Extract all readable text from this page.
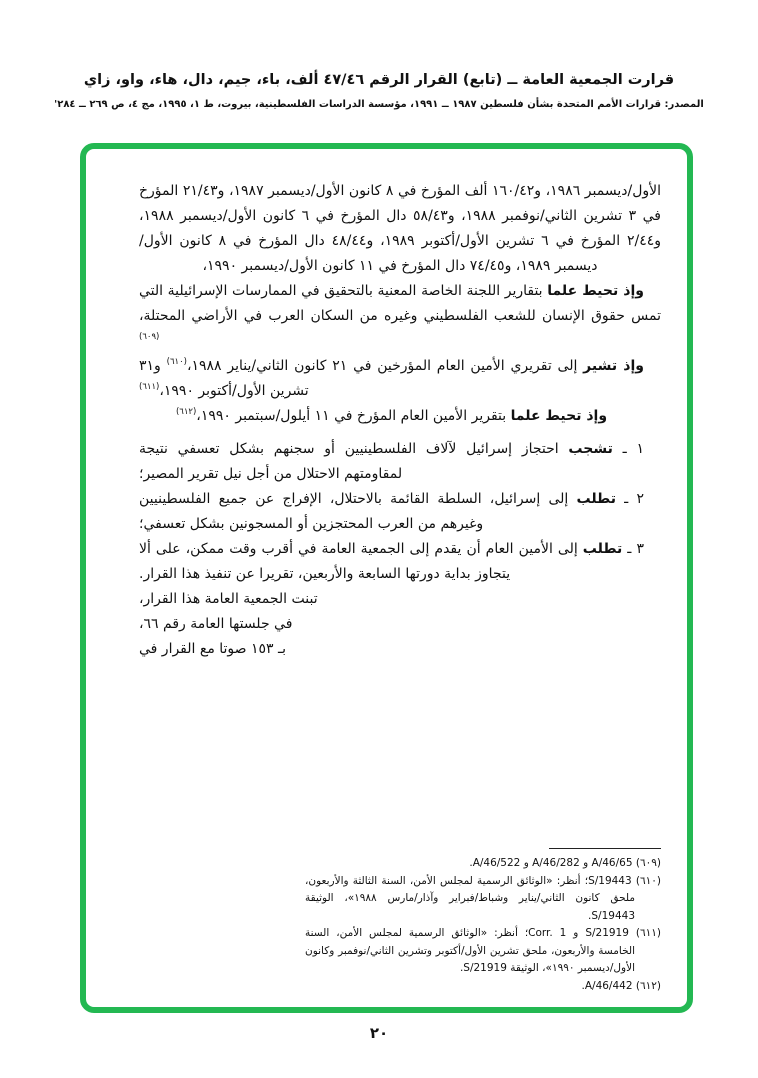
قرارت الجمعية العامة ــ (تابع) القرار الرقم ٤٧/٤٦ ألف، باء، جيم، دال، هاء، واو، زاي
المصدر: قرارات الأمم المتحدة بشأن فلسطين ١٩٨٧ ــ ١٩٩١، مؤسسة الدراسات الفلسطينية، بيروت، ط ١، ١٩٩٥، مج ٤، ص ٢٦٩ ــ ٢٨٤'

الأول/ديسمبر ١٩٨٦، و١٦٠/٤٢ ألف المؤرخ في ٨ كانون الأول/ديسمبر ١٩٨٧، و٢١/٤٣ المؤرخ في ٣ تشرين الثاني/نوفمبر ١٩٨٨، و٥٨/٤٣ دال المؤرخ في ٦ كانون الأول/ديسمبر ١٩٨٨، و٢/٤٤ المؤرخ في ٦ تشرين الأول/أكتوبر ١٩٨٩، و٤٨/٤٤ دال المؤرخ في ٨ كانون الأول/ديسمبر ١٩٨٩، و٧٤/٤٥ دال المؤرخ في ١١ كانون الأول/ديسمبر ١٩٩٠،

وإذ تحيط علما بتقارير اللجنة الخاصة المعنية بالتحقيق في الممارسات الإسرائيلية التي تمس حقوق الإنسان للشعب الفلسطيني وغيره من السكان العرب في الأراضي المحتلة،$^{(٦٠٩)}$

وإذ تشير إلى تقريري الأمين العام المؤرخين في ٢١ كانون الثاني/يناير ١٩٨٨،$^{(٦١٠)}$ و٣١ تشرين الأول/أكتوبر ١٩٩٠،$^{(٦١١)}$

وإذ تحيط علما بتقرير الأمين العام المؤرخ في ١١ أيلول/سبتمبر ١٩٩٠،$^{(٦١٢)}$

١ ـ تشجب احتجاز إسرائيل لآلاف الفلسطينيين أو سجنهم بشكل تعسفي نتيجة لمقاومتهم الاحتلال من أجل نيل تقرير المصير؛

٢ ـ تطلب إلى إسرائيل، السلطة القائمة بالاحتلال، الإفراج عن جميع الفلسطينيين وغيرهم من العرب المحتجزين أو المسجونين بشكل تعسفي؛

٣ ـ تطلب إلى الأمين العام أن يقدم إلى الجمعية العامة في أقرب وقت ممكن، على ألا يتجاوز بداية دورتها السابعة والأربعين، تقريرا عن تنفيذ هذا القرار.

تبنت الجمعية العامة هذا القرار،
في جلستها العامة رقم ٦٦،
بـ ١٥٣ صوتا مع القرار في

(٦٠٩) A/46/65 و A/46/282 و A/46/522.

(٦١٠) S/19443؛ أنظر: «الوثائق الرسمية لمجلس الأمن، السنة الثالثة والأربعون، ملحق كانون الثاني/يناير وشباط/فبراير وآذار/مارس ١٩٨٨»، الوثيقة S/19443.

(٦١١) S/21919 و Corr. 1؛ أنظر: «الوثائق الرسمية لمجلس الأمن، السنة الخامسة والأربعون، ملحق تشرين الأول/أكتوبر وتشرين الثاني/نوفمبر وكانون الأول/ديسمبر ١٩٩٠»، الوثيقة S/21919.

(٦١٢) A/46/442.

٢٠
